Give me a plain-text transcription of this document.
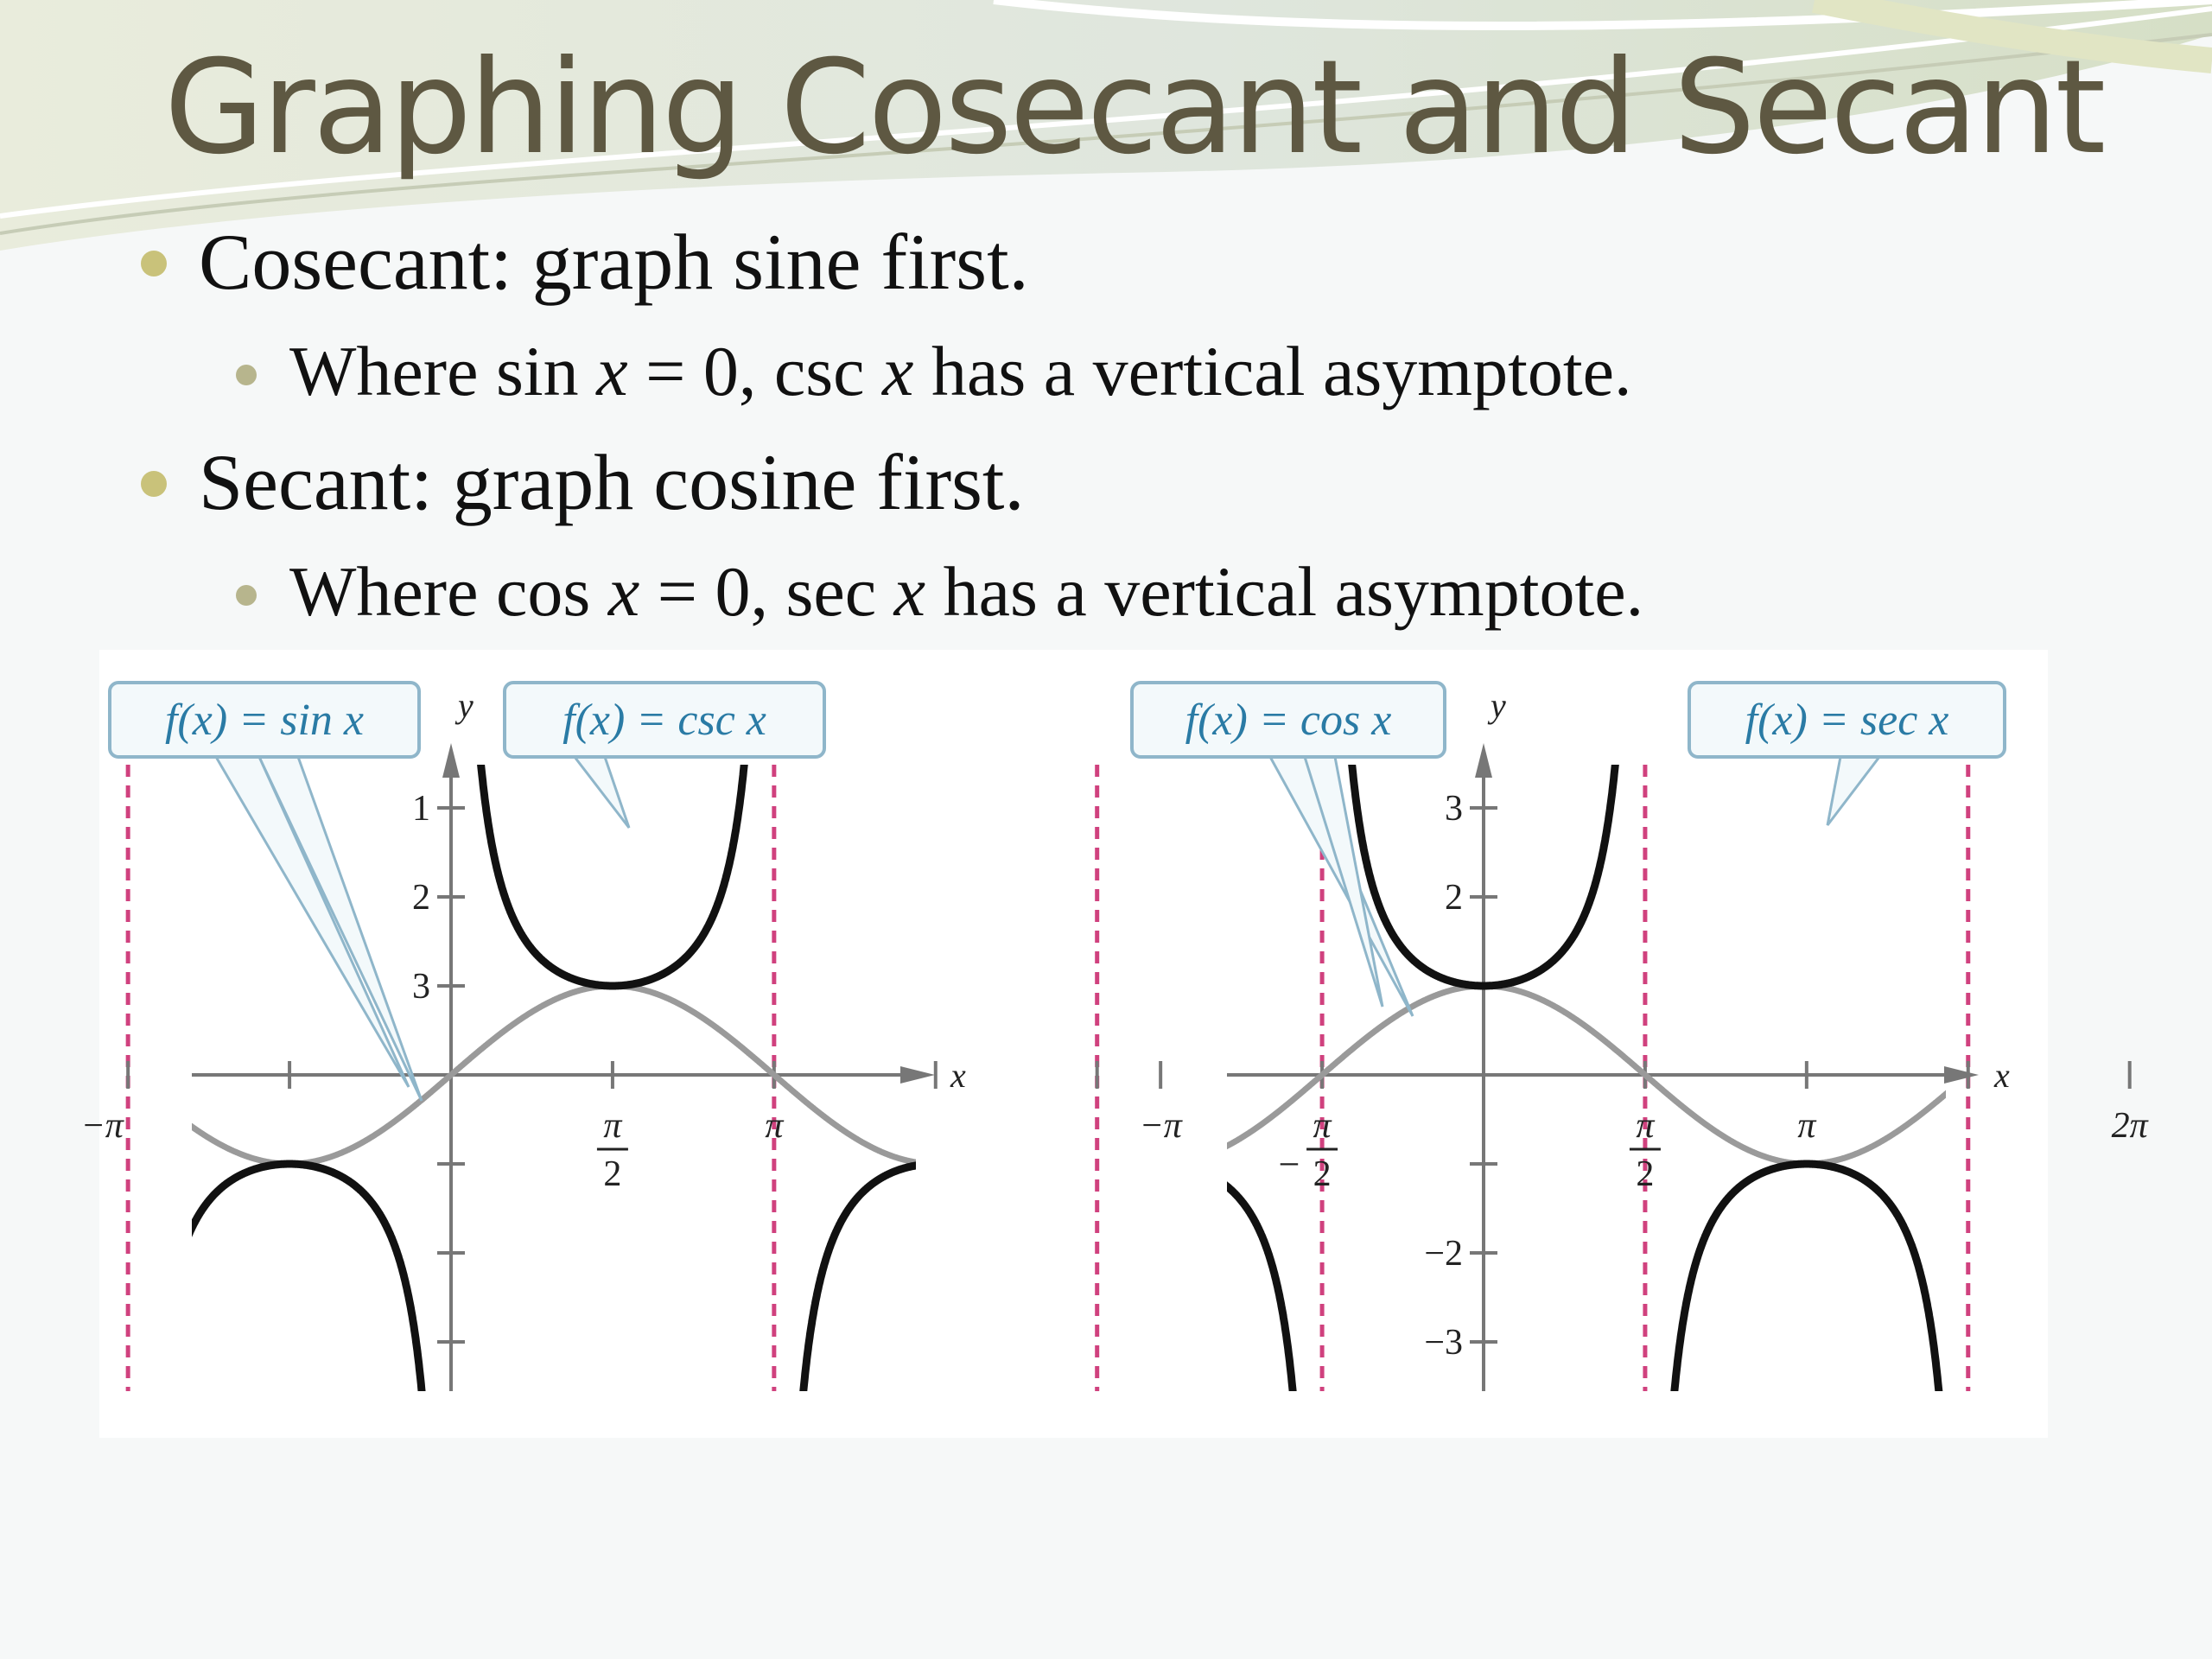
Graphing Cosecant and Secant
Cosecant: graph sine first.
Where sin x = 0, csc x has a vertical asymptote.
Secant: graph cosine first.
Where cos x = 0, sec x has a vertical asymptote.
x
y
−π	π
2
π
1
2
3
f(x) = sin x	f(x) = csc x
x
y
−π
−
π
2
π
2
π	2π
3
2
−2
−3
f(x) = cos x	f(x) = sec x
